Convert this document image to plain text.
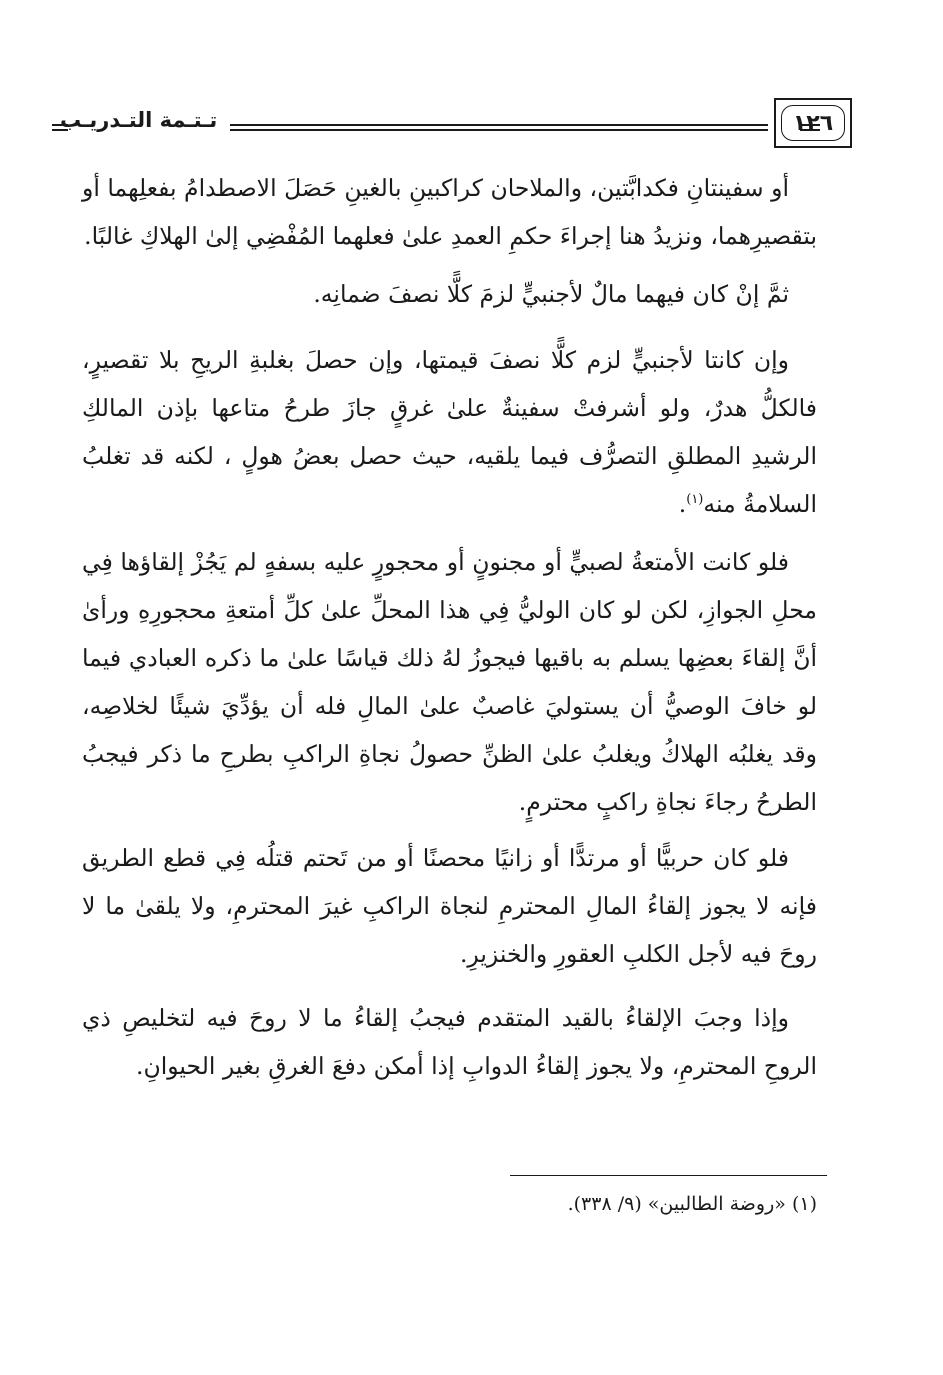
تـتـمة التـدريـب	١٢٦

أو سفينتانِ فكدابَّتين، والملاحان كراكبينِ بالغينِ حَصَلَ الاصطدامُ بفعلِهما أو بتقصيرِهما، ونزيدُ هنا إجراءَ حكمِ العمدِ علىٰ فعلهما المُفْضِي إلىٰ الهلاكِ غالبًا.

ثمَّ إنْ كان فيهما مالٌ لأجنبيٍّ لزمَ كلًّا نصفَ ضمانِه.

وإن كانتا لأجنبيٍّ لزم كلًّا نصفَ قيمتها، وإن حصلَ بغلبةِ الريحِ بلا تقصيرٍ، فالكلُّ هدرٌ، ولو أشرفتْ سفينةٌ علىٰ غرقٍ جازَ طرحُ متاعها بإذن المالكِ الرشيدِ المطلقِ التصرُّف فيما يلقيه، حيث حصل بعضُ هولٍ ، لكنه قد تغلبُ السلامةُ منه$^{(١)}$.

فلو كانت الأمتعةُ لصبيٍّ أو مجنونٍ أو محجورٍ عليه بسفهٍ لم يَجُزْ إلقاؤها فِي محلِ الجوازِ، لكن لو كان الوليُّ فِي هذا المحلِّ علىٰ كلِّ أمتعةِ محجورِهِ ورأىٰ أنَّ إلقاءَ بعضِها يسلم به باقيها فيجوزُ لهُ ذلك قياسًا علىٰ ما ذكره العبادي فيما لو خافَ الوصيُّ أن يستوليَ غاصبٌ علىٰ المالِ فله أن يؤدِّيَ شيئًا لخلاصِه، وقد يغلبُه الهلاكُ ويغلبُ علىٰ الظنِّ حصولُ نجاةِ الراكبِ بطرحِ ما ذكر فيجبُ الطرحُ رجاءَ نجاةِ راكبٍ محترمٍ.

فلو كان حربيًّا أو مرتدًّا أو زانيًا محصنًا أو من تَحتم قتلُه فِي قطع الطريق فإنه لا يجوز إلقاءُ المالِ المحترمِ لنجاة الراكبِ غيرَ المحترمِ، ولا يلقىٰ ما لا روحَ فيه لأجل الكلبِ العقورِ والخنزيرِ.

وإذا وجبَ الإلقاءُ بالقيد المتقدم فيجبُ إلقاءُ ما لا روحَ فيه لتخليصِ ذي الروحِ المحترمِ، ولا يجوز إلقاءُ الدوابِ إذا أمكن دفعَ الغرقِ بغير الحيوانِ.

(١) «روضة الطالبين» (٩/ ٣٣٨).
